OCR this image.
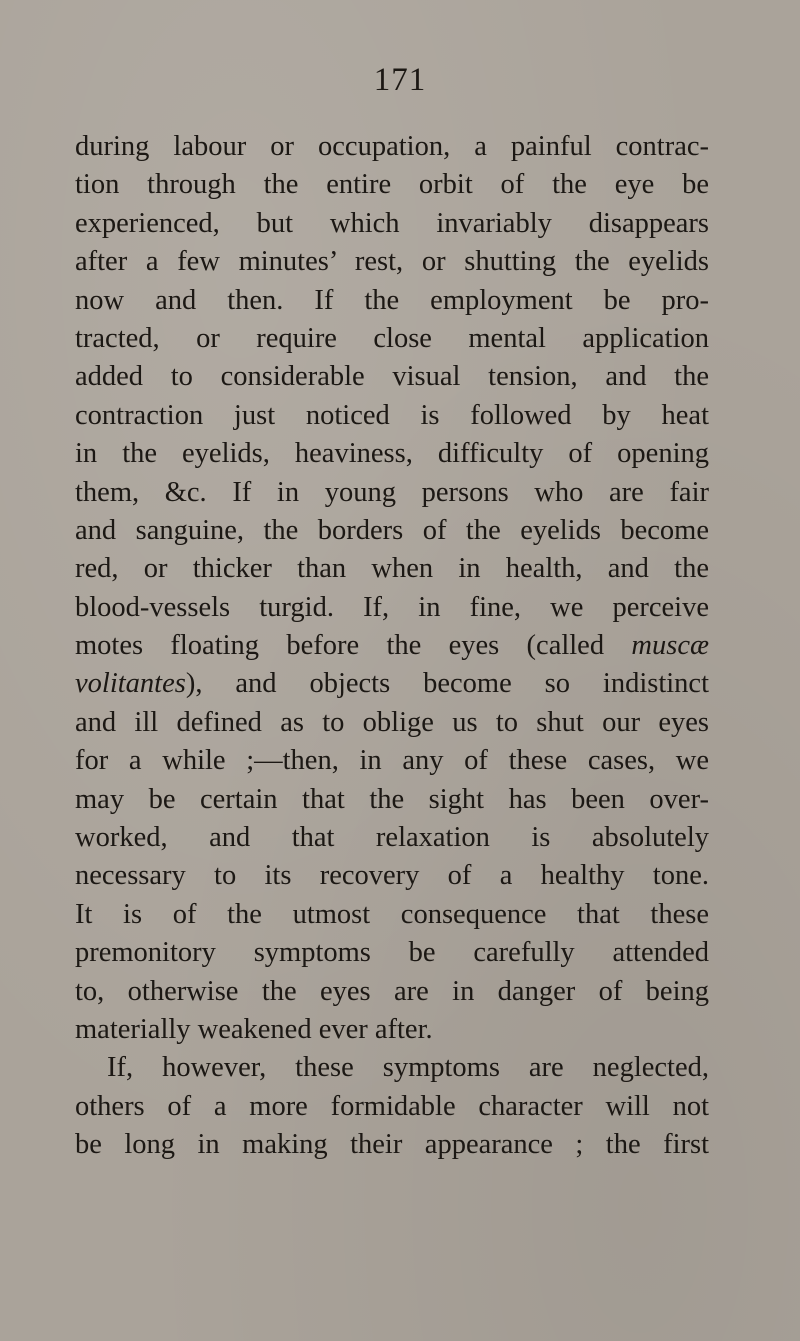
171
during labour or occupation, a painful contrac-
tion through the entire orbit of the eye be
experienced, but which invariably disappears
after a few minutes’ rest, or shutting the eyelids
now and then. If the employment be pro-
tracted, or require close mental application
added to considerable visual tension, and the
contraction just noticed is followed by heat
in the eyelids, heaviness, difficulty of opening
them, &c. If in young persons who are fair
and sanguine, the borders of the eyelids become
red, or thicker than when in health, and the
blood-vessels turgid. If, in fine, we perceive
motes floating before the eyes (called muscæ
volitantes), and objects become so indistinct
and ill defined as to oblige us to shut our eyes
for a while ;—then, in any of these cases, we
may be certain that the sight has been over-
worked, and that relaxation is absolutely
necessary to its recovery of a healthy tone.
It is of the utmost consequence that these
premonitory symptoms be carefully attended
to, otherwise the eyes are in danger of being
materially weakened ever after.
If, however, these symptoms are neglected,
others of a more formidable character will not
be long in making their appearance ; the first
